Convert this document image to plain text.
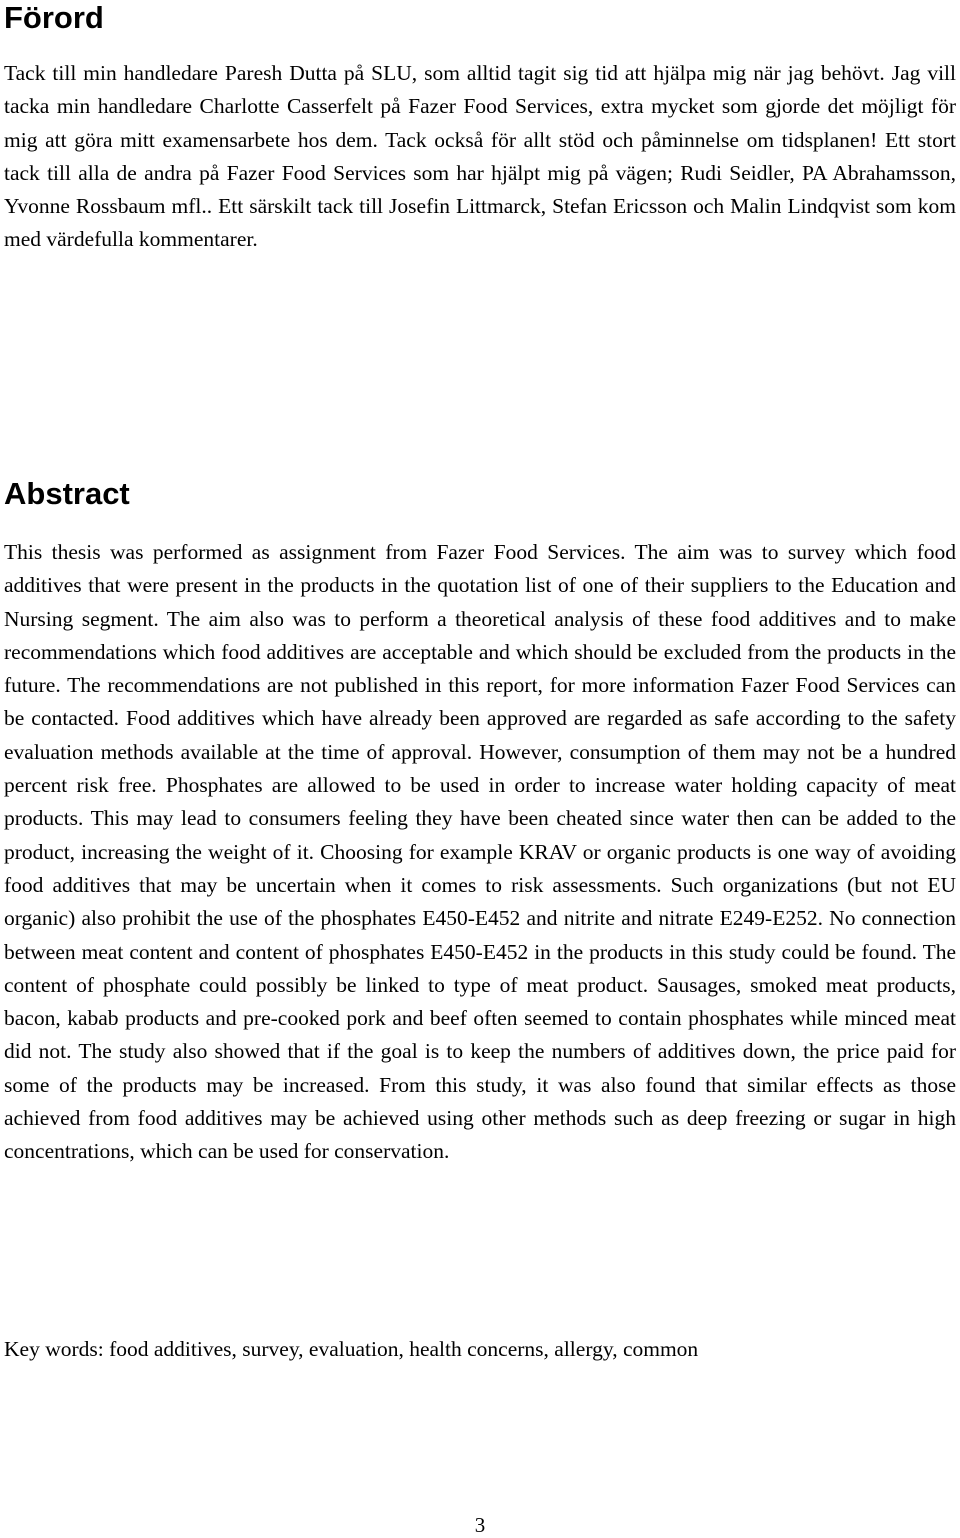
Förord

Tack till min handledare Paresh Dutta på SLU, som alltid tagit sig tid att hjälpa mig när jag behövt. Jag vill tacka min handledare Charlotte Casserfelt på Fazer Food Services, extra mycket som gjorde det möjligt för mig att göra mitt examensarbete hos dem. Tack också för allt stöd och påminnelse om tidsplanen! Ett stort tack till alla de andra på Fazer Food Services som har hjälpt mig på vägen; Rudi Seidler, PA Abrahamsson, Yvonne Rossbaum mfl.. Ett särskilt tack till Josefin Littmarck, Stefan Ericsson och Malin Lindqvist som kom med värdefulla kommentarer.

Abstract

This thesis was performed as assignment from Fazer Food Services. The aim was to survey which food additives that were present in the products in the quotation list of one of their suppliers to the Education and Nursing segment. The aim also was to perform a theoretical analysis of these food additives and to make recommendations which food additives are acceptable and which should be excluded from the products in the future. The recommendations are not published in this report, for more information Fazer Food Services can be contacted. Food additives which have already been approved are regarded as safe according to the safety evaluation methods available at the time of approval. However, consumption of them may not be a hundred percent risk free. Phosphates are allowed to be used in order to increase water holding capacity of meat products. This may lead to consumers feeling they have been cheated since water then can be added to the product, increasing the weight of it. Choosing for example KRAV or organic products is one way of avoiding food additives that may be uncertain when it comes to risk assessments. Such organizations (but not EU organic) also prohibit the use of the phosphates E450-E452 and nitrite and nitrate E249-E252. No connection between meat content and content of phosphates E450-E452 in the products in this study could be found. The content of phosphate could possibly be linked to type of meat product. Sausages, smoked meat products, bacon, kabab products and pre-cooked pork and beef often seemed to contain phosphates while minced meat did not. The study also showed that if the goal is to keep the numbers of additives down, the price paid for some of the products may be increased. From this study, it was also found that similar effects as those achieved from food additives may be achieved using other methods such as deep freezing or sugar in high concentrations, which can be used for conservation.

Key words: food additives, survey, evaluation, health concerns, allergy, common

3
